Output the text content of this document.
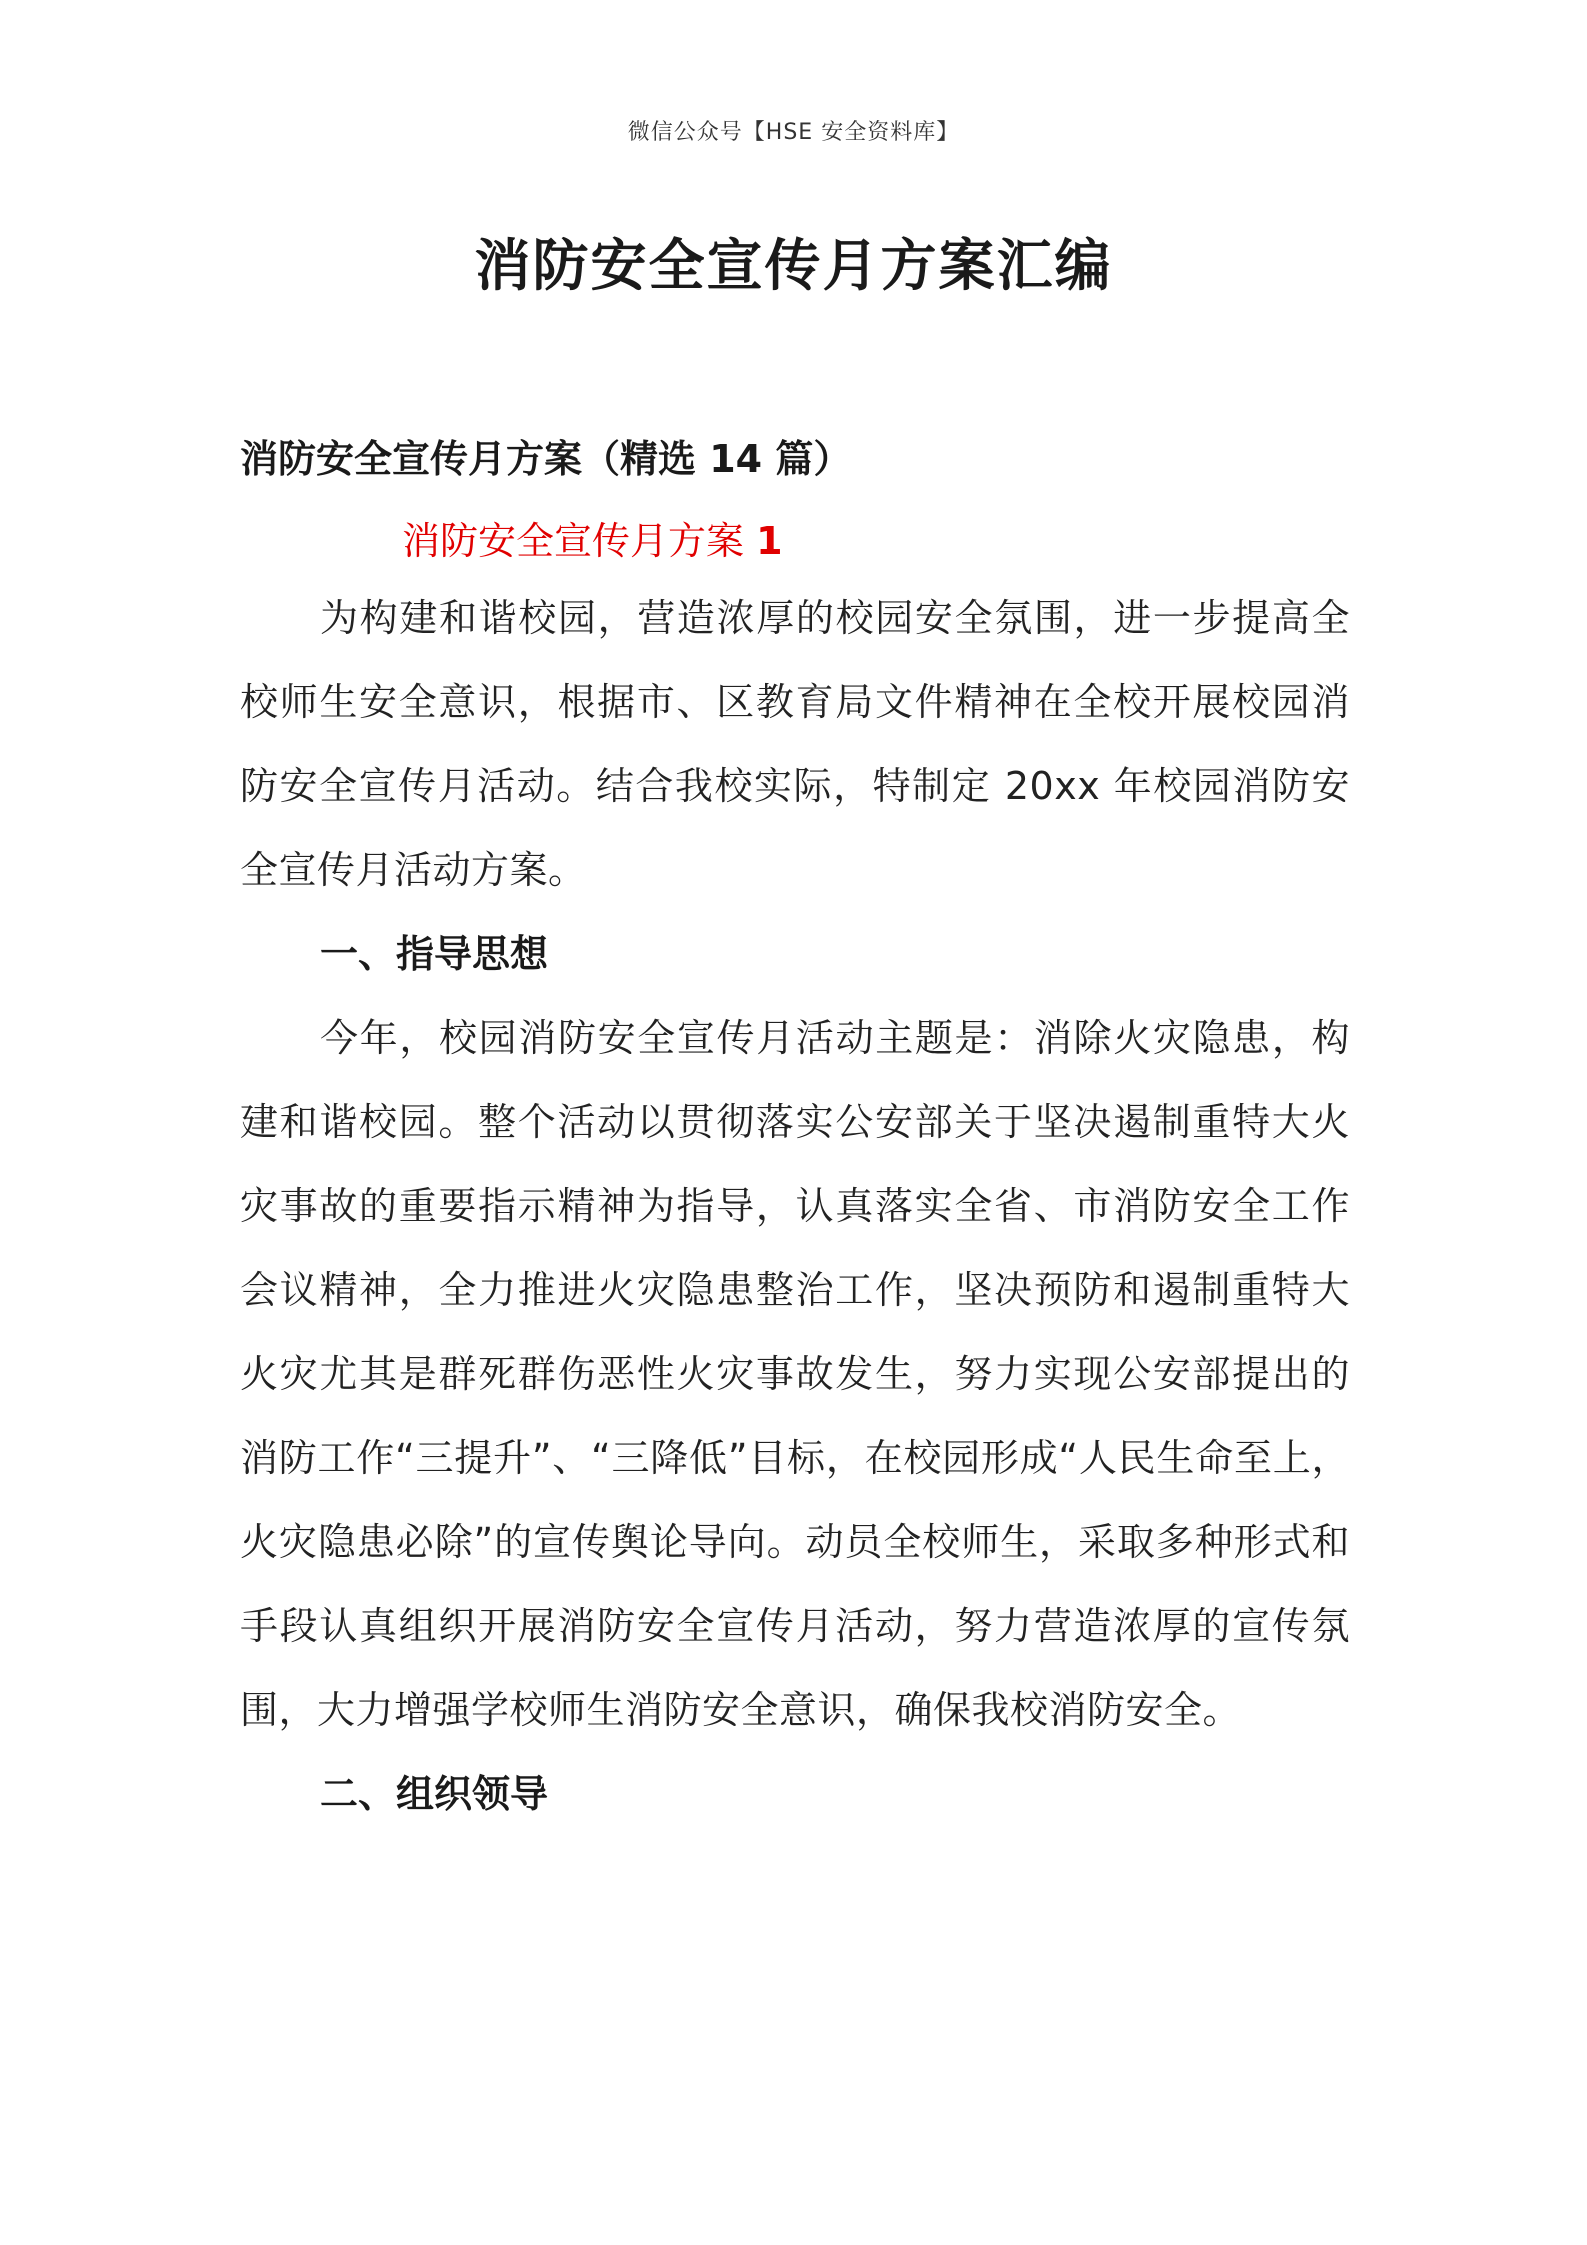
微信公众号【HSE 安全资料库】
消防安全宣传月方案汇编
消防安全宣传月方案（精选 14 篇）
消防安全宣传月方案 1

为构建和谐校园，营造浓厚的校园安全氛围，进一步提高全校师生安全意识，根据市、区教育局文件精神在全校开展校园消防安全宣传月活动。结合我校实际，特制定 20xx 年校园消防安全宣传月活动方案。

一、指导思想

今年，校园消防安全宣传月活动主题是：消除火灾隐患，构建和谐校园。整个活动以贯彻落实公安部关于坚决遏制重特大火灾事故的重要指示精神为指导，认真落实全省、市消防安全工作会议精神，全力推进火灾隐患整治工作，坚决预防和遏制重特大火灾尤其是群死群伤恶性火灾事故发生，努力实现公安部提出的消防工作“三提升”、“三降低”目标，在校园形成“人民生命至上，火灾隐患必除”的宣传舆论导向。动员全校师生，采取多种形式和手段认真组织开展消防安全宣传月活动，努力营造浓厚的宣传氛围，大力增强学校师生消防安全意识，确保我校消防安全。

二、组织领导
